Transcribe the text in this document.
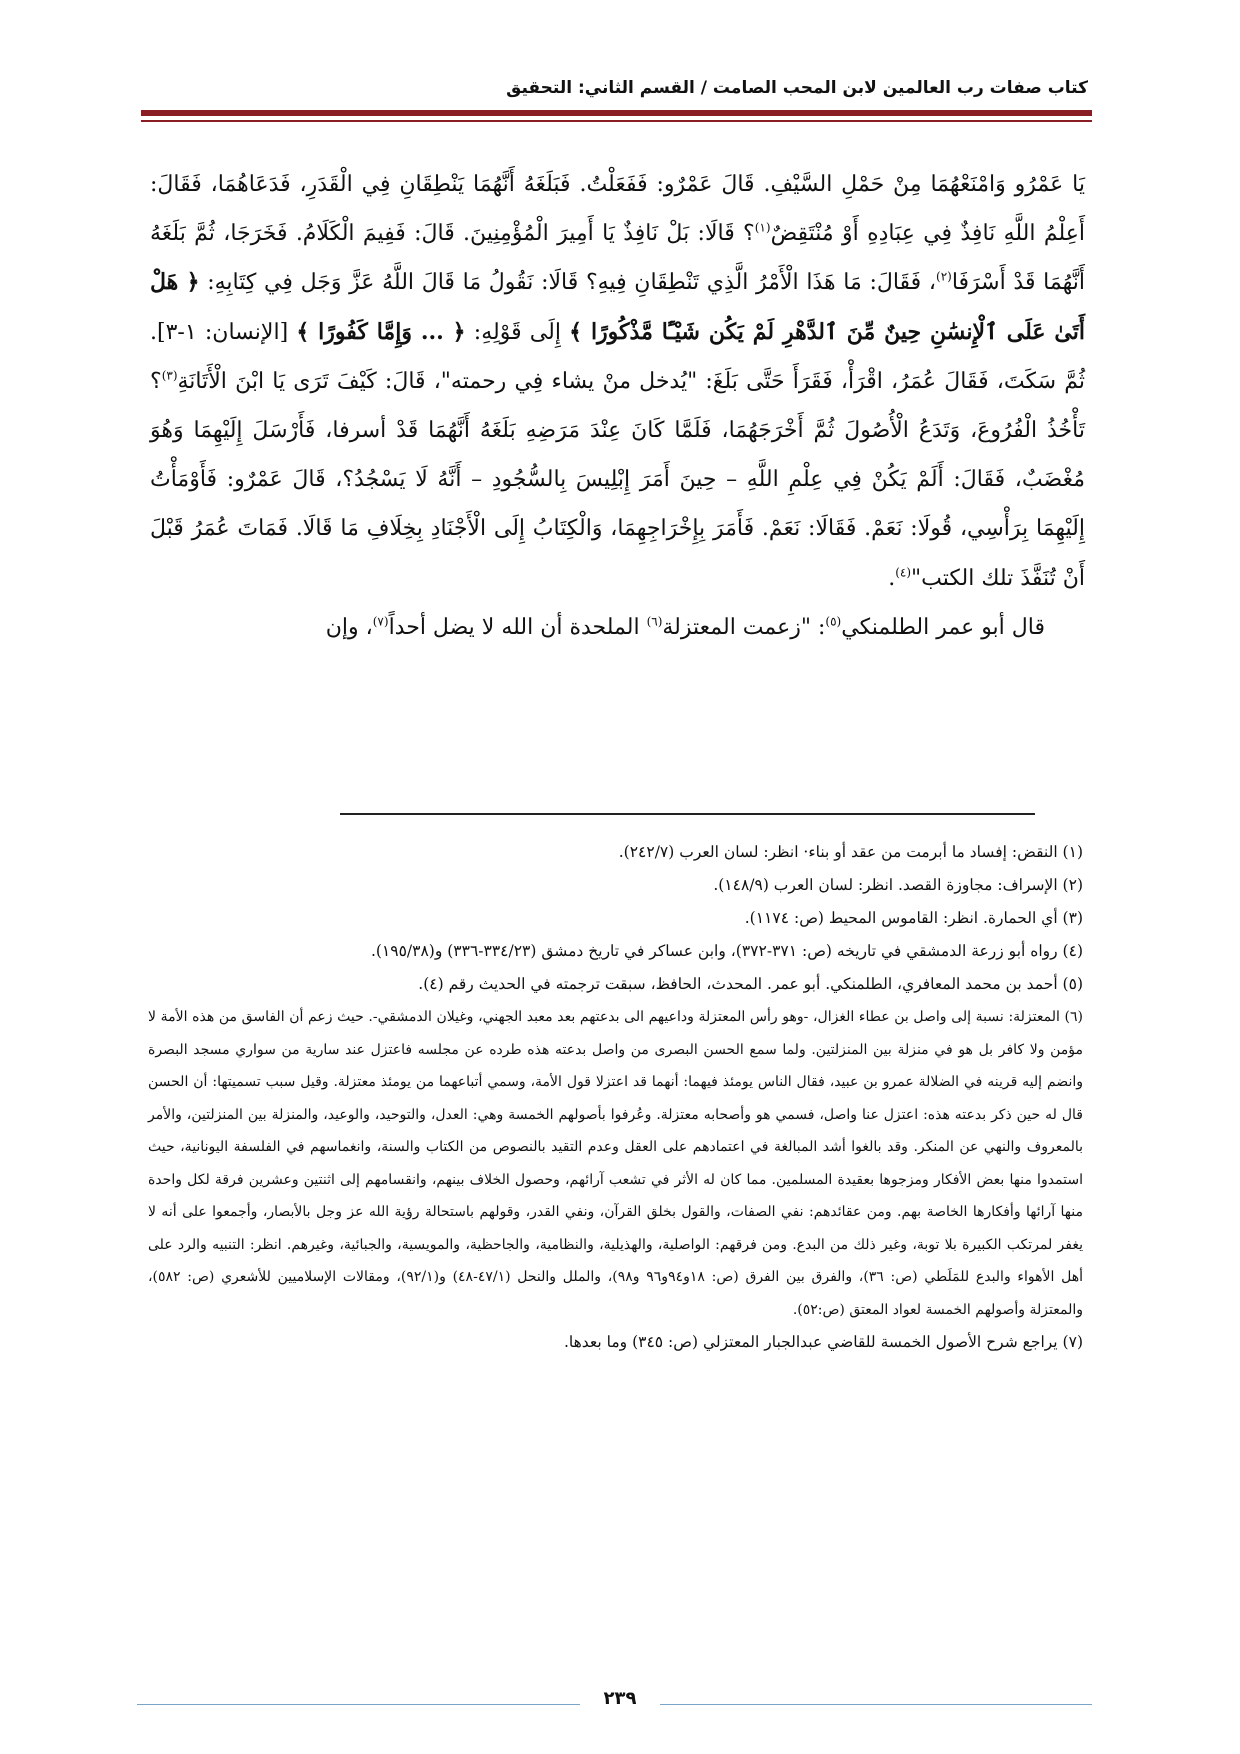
كتاب صفات رب العالمين لابن المحب الصامت / القسم الثاني: التحقيق

يَا عَمْرُو وَامْنَعْهُمَا مِنْ حَمْلِ السَّيْفِ. قَالَ عَمْرٌو: فَفَعَلْتُ. فَبَلَغَهُ أَنَّهُمَا يَنْطِقَانِ فِي الْقَدَرِ، فَدَعَاهُمَا، فَقَالَ: أَعِلْمُ اللَّهِ نَافِذٌ فِي عِبَادِهِ أَوْ مُنْتَقِضٌ$^{(١)}$؟ قَالَا: بَلْ نَافِذٌ يَا أَمِيرَ الْمُؤْمِنِينَ. قَالَ: فَفِيمَ الْكَلَامُ. فَخَرَجَا، ثُمَّ بَلَغَهُ أَنَّهُمَا قَدْ أَسْرَفَا$^{(٢)}$، فَقَالَ: مَا هَذَا الْأَمْرُ الَّذِي تَنْطِقَانِ فِيهِ؟ قَالَا: نَقُولُ مَا قَالَ اللَّهُ عَزَّ وَجَل فِي كِتَابِهِ: ﴿ هَلْ أَتَىٰ عَلَى ٱلْإِنسَٰنِ حِينٌ مِّنَ ٱلدَّهْرِ لَمْ يَكُن شَيْـًٔا مَّذْكُورًا ﴾ إِلَى قَوْلِهِ: ﴿ ... وَإِمَّا كَفُورًا ﴾ [الإنسان: ١-٣]. ثُمَّ سَكَتَ، فَقَالَ عُمَرُ، اقْرَأْ، فَقَرَأَ حَتَّى بَلَغَ: "يُدخل منْ يشاء فِي رحمته"، قَالَ: كَيْفَ تَرَى يَا ابْنَ الْأَتَانَةِ$^{(٣)}$؟ تَأْخُذُ الْفُرُوعَ، وَتَدَعُ الْأُصُولَ ثُمَّ أَخْرَجَهُمَا، فَلَمَّا كَانَ عِنْدَ مَرَضِهِ بَلَغَهُ أَنَّهُمَا قَدْ أسرفا، فَأَرْسَلَ إِلَيْهِمَا وَهُوَ مُغْضَبٌ، فَقَالَ: أَلَمْ يَكُنْ فِي عِلْمِ اللَّهِ – حِينَ أَمَرَ إِبْلِيسَ بِالسُّجُودِ – أَنَّهُ لَا يَسْجُدُ؟، قَالَ عَمْرٌو: فَأَوْمَأْتُ إِلَيْهِمَا بِرَأْسِي، قُولَا: نَعَمْ. فَقَالَا: نَعَمْ. فَأَمَرَ بِإِخْرَاجِهِمَا، وَالْكِتَابُ إِلَى الْأَجْنَادِ بِخِلَافِ مَا قَالَا. فَمَاتَ عُمَرُ قَبْلَ أَنْ تُنَفَّذَ تلك الكتب"$^{(٤)}$.

قال أبو عمر الطلمنكي$^{(٥)}$: "زعمت المعتزلة$^{(٦)}$ الملحدة أن الله لا يضل أحداً$^{(٧)}$، وإن

(١) النقض: إفساد ما أبرمت من عقد أو بناء· انظر: لسان العرب (٢٤٢/٧).

(٢) الإسراف: مجاوزة القصد. انظر: لسان العرب (١٤٨/٩).

(٣) أي الحمارة. انظر: القاموس المحيط (ص: ١١٧٤).

(٤) رواه أبو زرعة الدمشقي في تاريخه (ص: ٣٧١-٣٧٢)، وابن عساكر في تاريخ دمشق (٣٣٤/٢٣-٣٣٦) و(١٩٥/٣٨).

(٥) أحمد بن محمد المعافري، الطلمنكي. أبو عمر. المحدث، الحافظ، سبقت ترجمته في الحديث رقم (٤).

(٦) المعتزلة: نسبة إلى واصل بن عطاء الغزال، -وهو رأس المعتزلة وداعيهم الى بدعتهم بعد معبد الجهني، وغيلان الدمشقي-. حيث زعم أن الفاسق من هذه الأمة لا مؤمن ولا كافر بل هو في منزلة بين المنزلتين. ولما سمع الحسن البصرى من واصل بدعته هذه طرده عن مجلسه فاعتزل عند سارية من سواري مسجد البصرة وانضم إليه قرينه في الضلالة عمرو بن عبيد، فقال الناس يومئذ فيهما: أنهما قد اعتزلا قول الأمة، وسمي أتباعهما من يومئذ معتزلة. وقيل سبب تسميتها: أن الحسن قال له حين ذكر بدعته هذه: اعتزل عنا واصل، فسمي هو وأصحابه معتزلة. وعُرفوا بأصولهم الخمسة وهي: العدل، والتوحيد، والوعيد، والمنزلة بين المنزلتين، والأمر بالمعروف والنهي عن المنكر. وقد بالغوا أشد المبالغة في اعتمادهم على العقل وعدم التقيد بالنصوص من الكتاب والسنة، وانغماسهم في الفلسفة اليونانية، حيث استمدوا منها بعض الأفكار ومزجوها بعقيدة المسلمين. مما كان له الأثر في تشعب آرائهم، وحصول الخلاف بينهم، وانقسامهم إلى اثنتين وعشرين فرقة لكل واحدة منها آرائها وأفكارها الخاصة بهم. ومن عقائدهم: نفي الصفات، والقول بخلق القرآن، ونفي القدر، وقولهم باستحالة رؤية الله عز وجل بالأبصار، وأجمعوا على أنه لا يغفر لمرتكب الكبيرة بلا توبة، وغير ذلك من البدع. ومن فرقهم: الواصلية، والهذيلية، والنظامية، والجاحظية، والمويسية، والجبائية، وغيرهم. انظر: التنبيه والرد على أهل الأهواء والبدع للمَلَطي (ص: ٣٦)، والفرق بين الفرق (ص: ١٨و٩٤و٩٦ و٩٨)، والملل والنحل (٤٧/١-٤٨) و(٩٢/١)، ومقالات الإسلاميين للأشعري (ص: ٥٨٢)، والمعتزلة وأصولهم الخمسة لعواد المعتق (ص:٥٢).

(٧) يراجع شرح الأصول الخمسة للقاضي عبدالجبار المعتزلي (ص: ٣٤٥) وما بعدها.

٢٣٩
